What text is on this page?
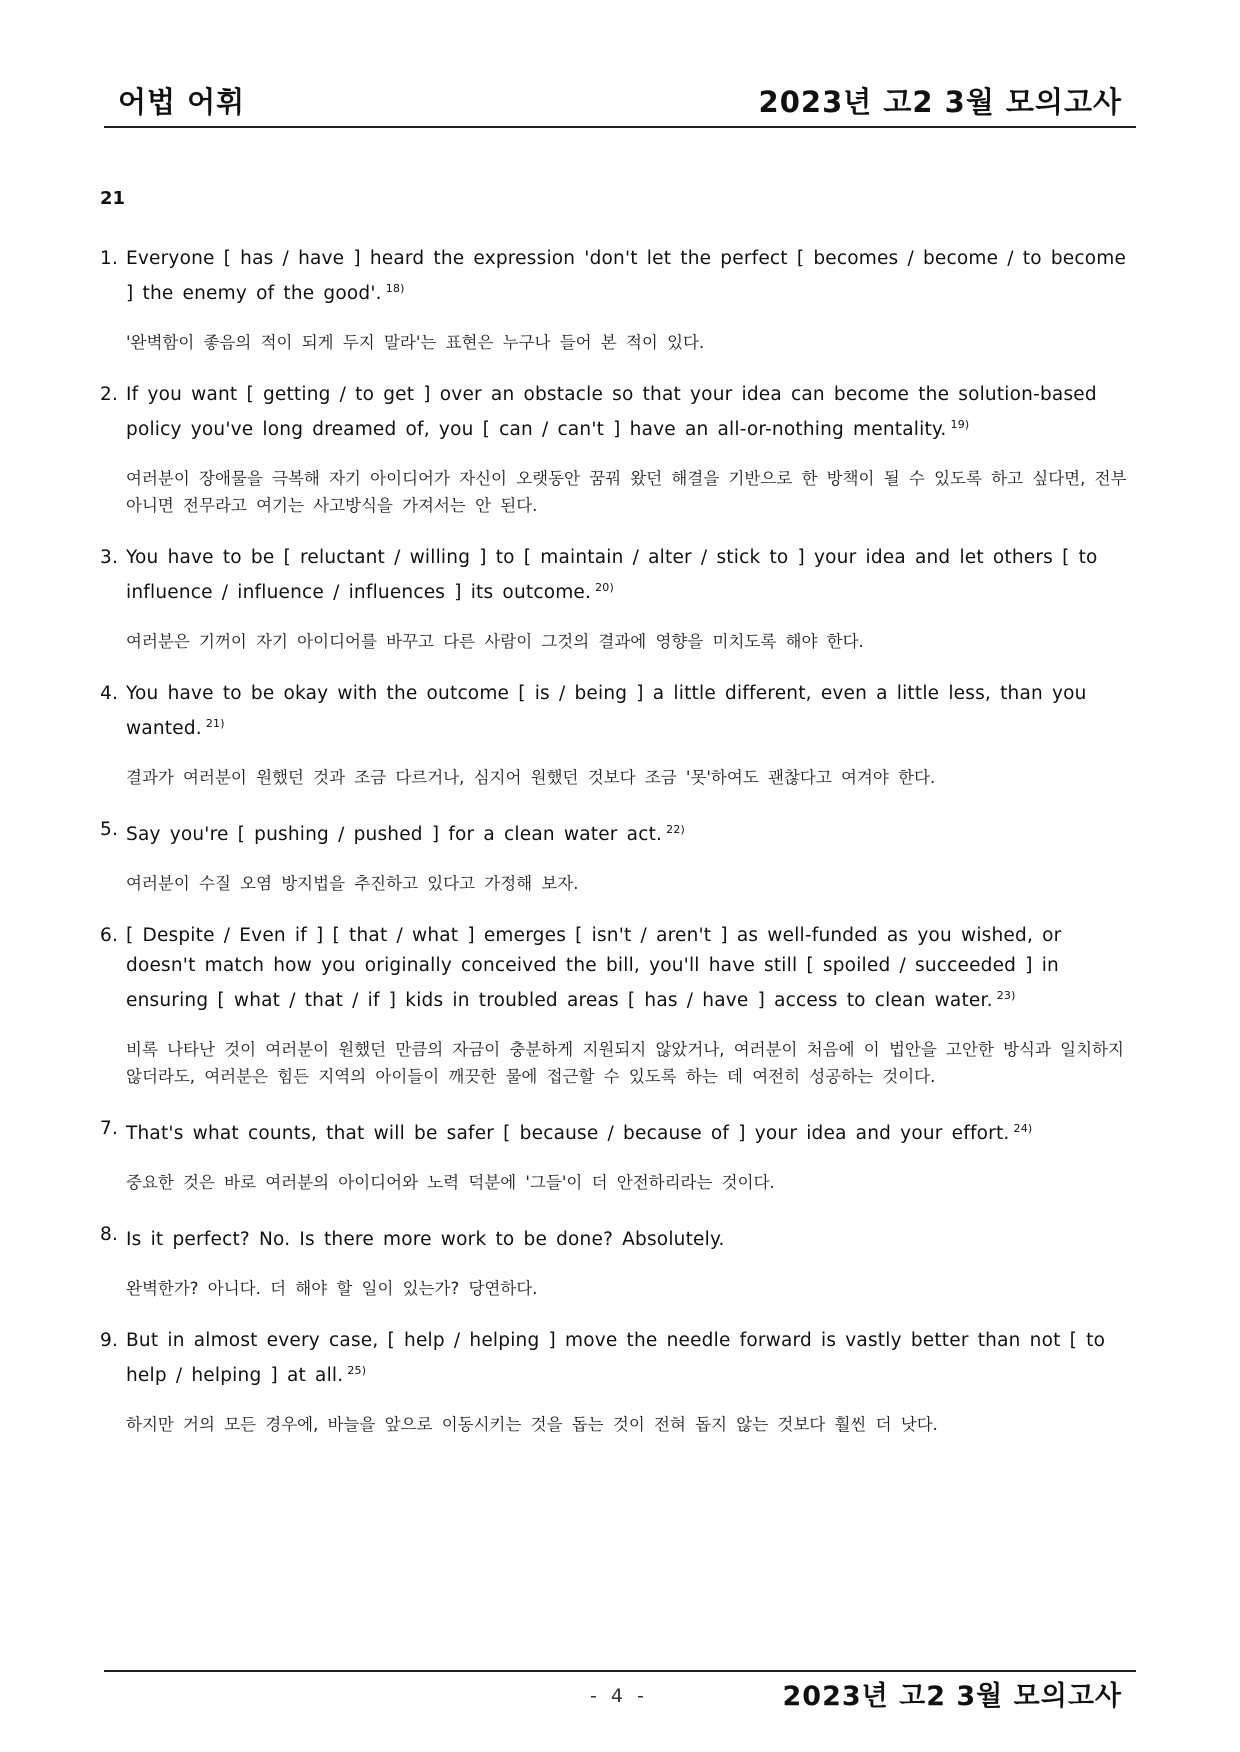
어법 어휘	2023년 고2 3월 모의고사
21
1. Everyone [ has / have ] heard the expression 'don't let the perfect [ becomes / become / to become ] the enemy of the good'. $^{18)}$
'완벽함이 좋음의 적이 되게 두지 말라'는 표현은 누구나 들어 본 적이 있다.
2. If you want [ getting / to get ] over an obstacle so that your idea can become the solution-based policy you've long dreamed of, you [ can / can't ] have an all-or-nothing mentality. $^{19)}$
여러분이 장애물을 극복해 자기 아이디어가 자신이 오랫동안 꿈꿔 왔던 해결을 기반으로 한 방책이 될 수 있도록 하고 싶다면, 전부 아니면 전무라고 여기는 사고방식을 가져서는 안 된다.
3. You have to be [ reluctant / willing ] to [ maintain / alter / stick to ] your idea and let others [ to influence / influence / influences ] its outcome. $^{20)}$
여러분은 기꺼이 자기 아이디어를 바꾸고 다른 사람이 그것의 결과에 영향을 미치도록 해야 한다.
4. You have to be okay with the outcome [ is / being ] a little different, even a little less, than you wanted. $^{21)}$
결과가 여러분이 원했던 것과 조금 다르거나, 심지어 원했던 것보다 조금 '못'하여도 괜찮다고 여겨야 한다.
5. Say you're [ pushing / pushed ] for a clean water act. $^{22)}$
여러분이 수질 오염 방지법을 추진하고 있다고 가정해 보자.
6. [ Despite / Even if ] [ that / what ] emerges [ isn't / aren't ] as well-funded as you wished, or doesn't match how you originally conceived the bill, you'll have still [ spoiled / succeeded ] in ensuring [ what / that / if ] kids in troubled areas [ has / have ] access to clean water. $^{23)}$
비록 나타난 것이 여러분이 원했던 만큼의 자금이 충분하게 지원되지 않았거나, 여러분이 처음에 이 법안을 고안한 방식과 일치하지 않더라도, 여러분은 힘든 지역의 아이들이 깨끗한 물에 접근할 수 있도록 하는 데 여전히 성공하는 것이다.
7. That's what counts, that will be safer [ because / because of ] your idea and your effort. $^{24)}$
중요한 것은 바로 여러분의 아이디어와 노력 덕분에 '그들'이 더 안전하리라는 것이다.
8. Is it perfect? No. Is there more work to be done? Absolutely.
완벽한가? 아니다. 더 해야 할 일이 있는가? 당연하다.
9. But in almost every case, [ help / helping ] move the needle forward is vastly better than not [ to help / helping ] at all. $^{25)}$
하지만 거의 모든 경우에, 바늘을 앞으로 이동시키는 것을 돕는 것이 전혀 돕지 않는 것보다 훨씬 더 낫다.
- 4 -	2023년 고2 3월 모의고사
